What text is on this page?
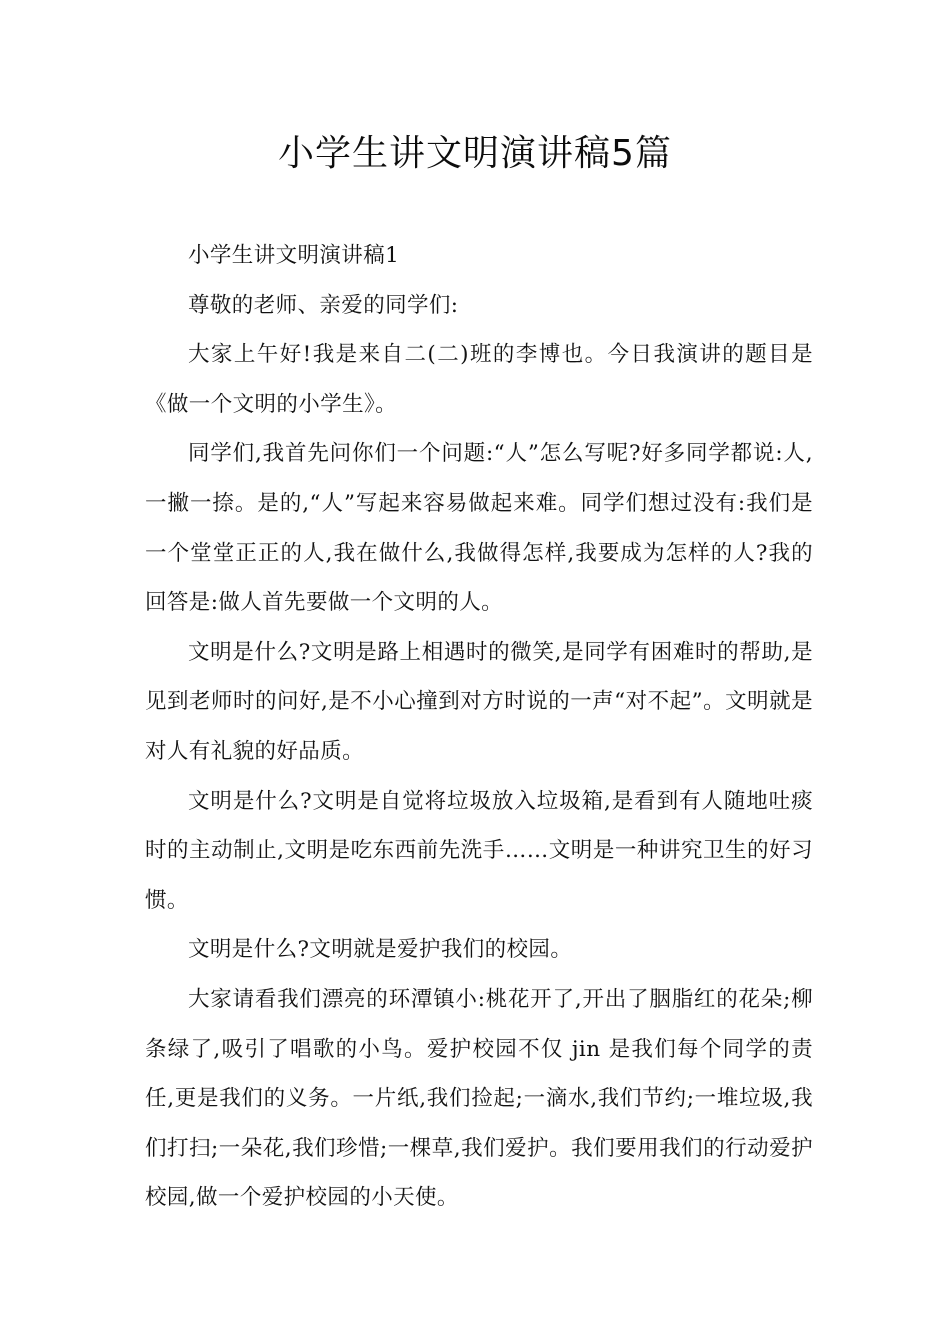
小学生讲文明演讲稿5篇

小学生讲文明演讲稿1

尊敬的老师、亲爱的同学们:

大家上午好!我是来自二(二)班的李博也。今日我演讲的题目是《做一个文明的小学生》。

同学们,我首先问你们一个问题:“人”怎么写呢?好多同学都说:人,一撇一捺。是的,“人”写起来容易做起来难。同学们想过没有:我们是一个堂堂正正的人,我在做什么,我做得怎样,我要成为怎样的人?我的回答是:做人首先要做一个文明的人。

文明是什么?文明是路上相遇时的微笑,是同学有困难时的帮助,是见到老师时的问好,是不小心撞到对方时说的一声“对不起”。文明就是对人有礼貌的好品质。

文明是什么?文明是自觉将垃圾放入垃圾箱,是看到有人随地吐痰时的主动制止,文明是吃东西前先洗手……文明是一种讲究卫生的好习惯。

文明是什么?文明就是爱护我们的校园。

大家请看我们漂亮的环潭镇小:桃花开了,开出了胭脂红的花朵;柳条绿了,吸引了唱歌的小鸟。爱护校园不仅 jin 是我们每个同学的责任,更是我们的义务。一片纸,我们捡起;一滴水,我们节约;一堆垃圾,我们打扫;一朵花,我们珍惜;一棵草,我们爱护。我们要用我们的行动爱护校园,做一个爱护校园的小天使。
